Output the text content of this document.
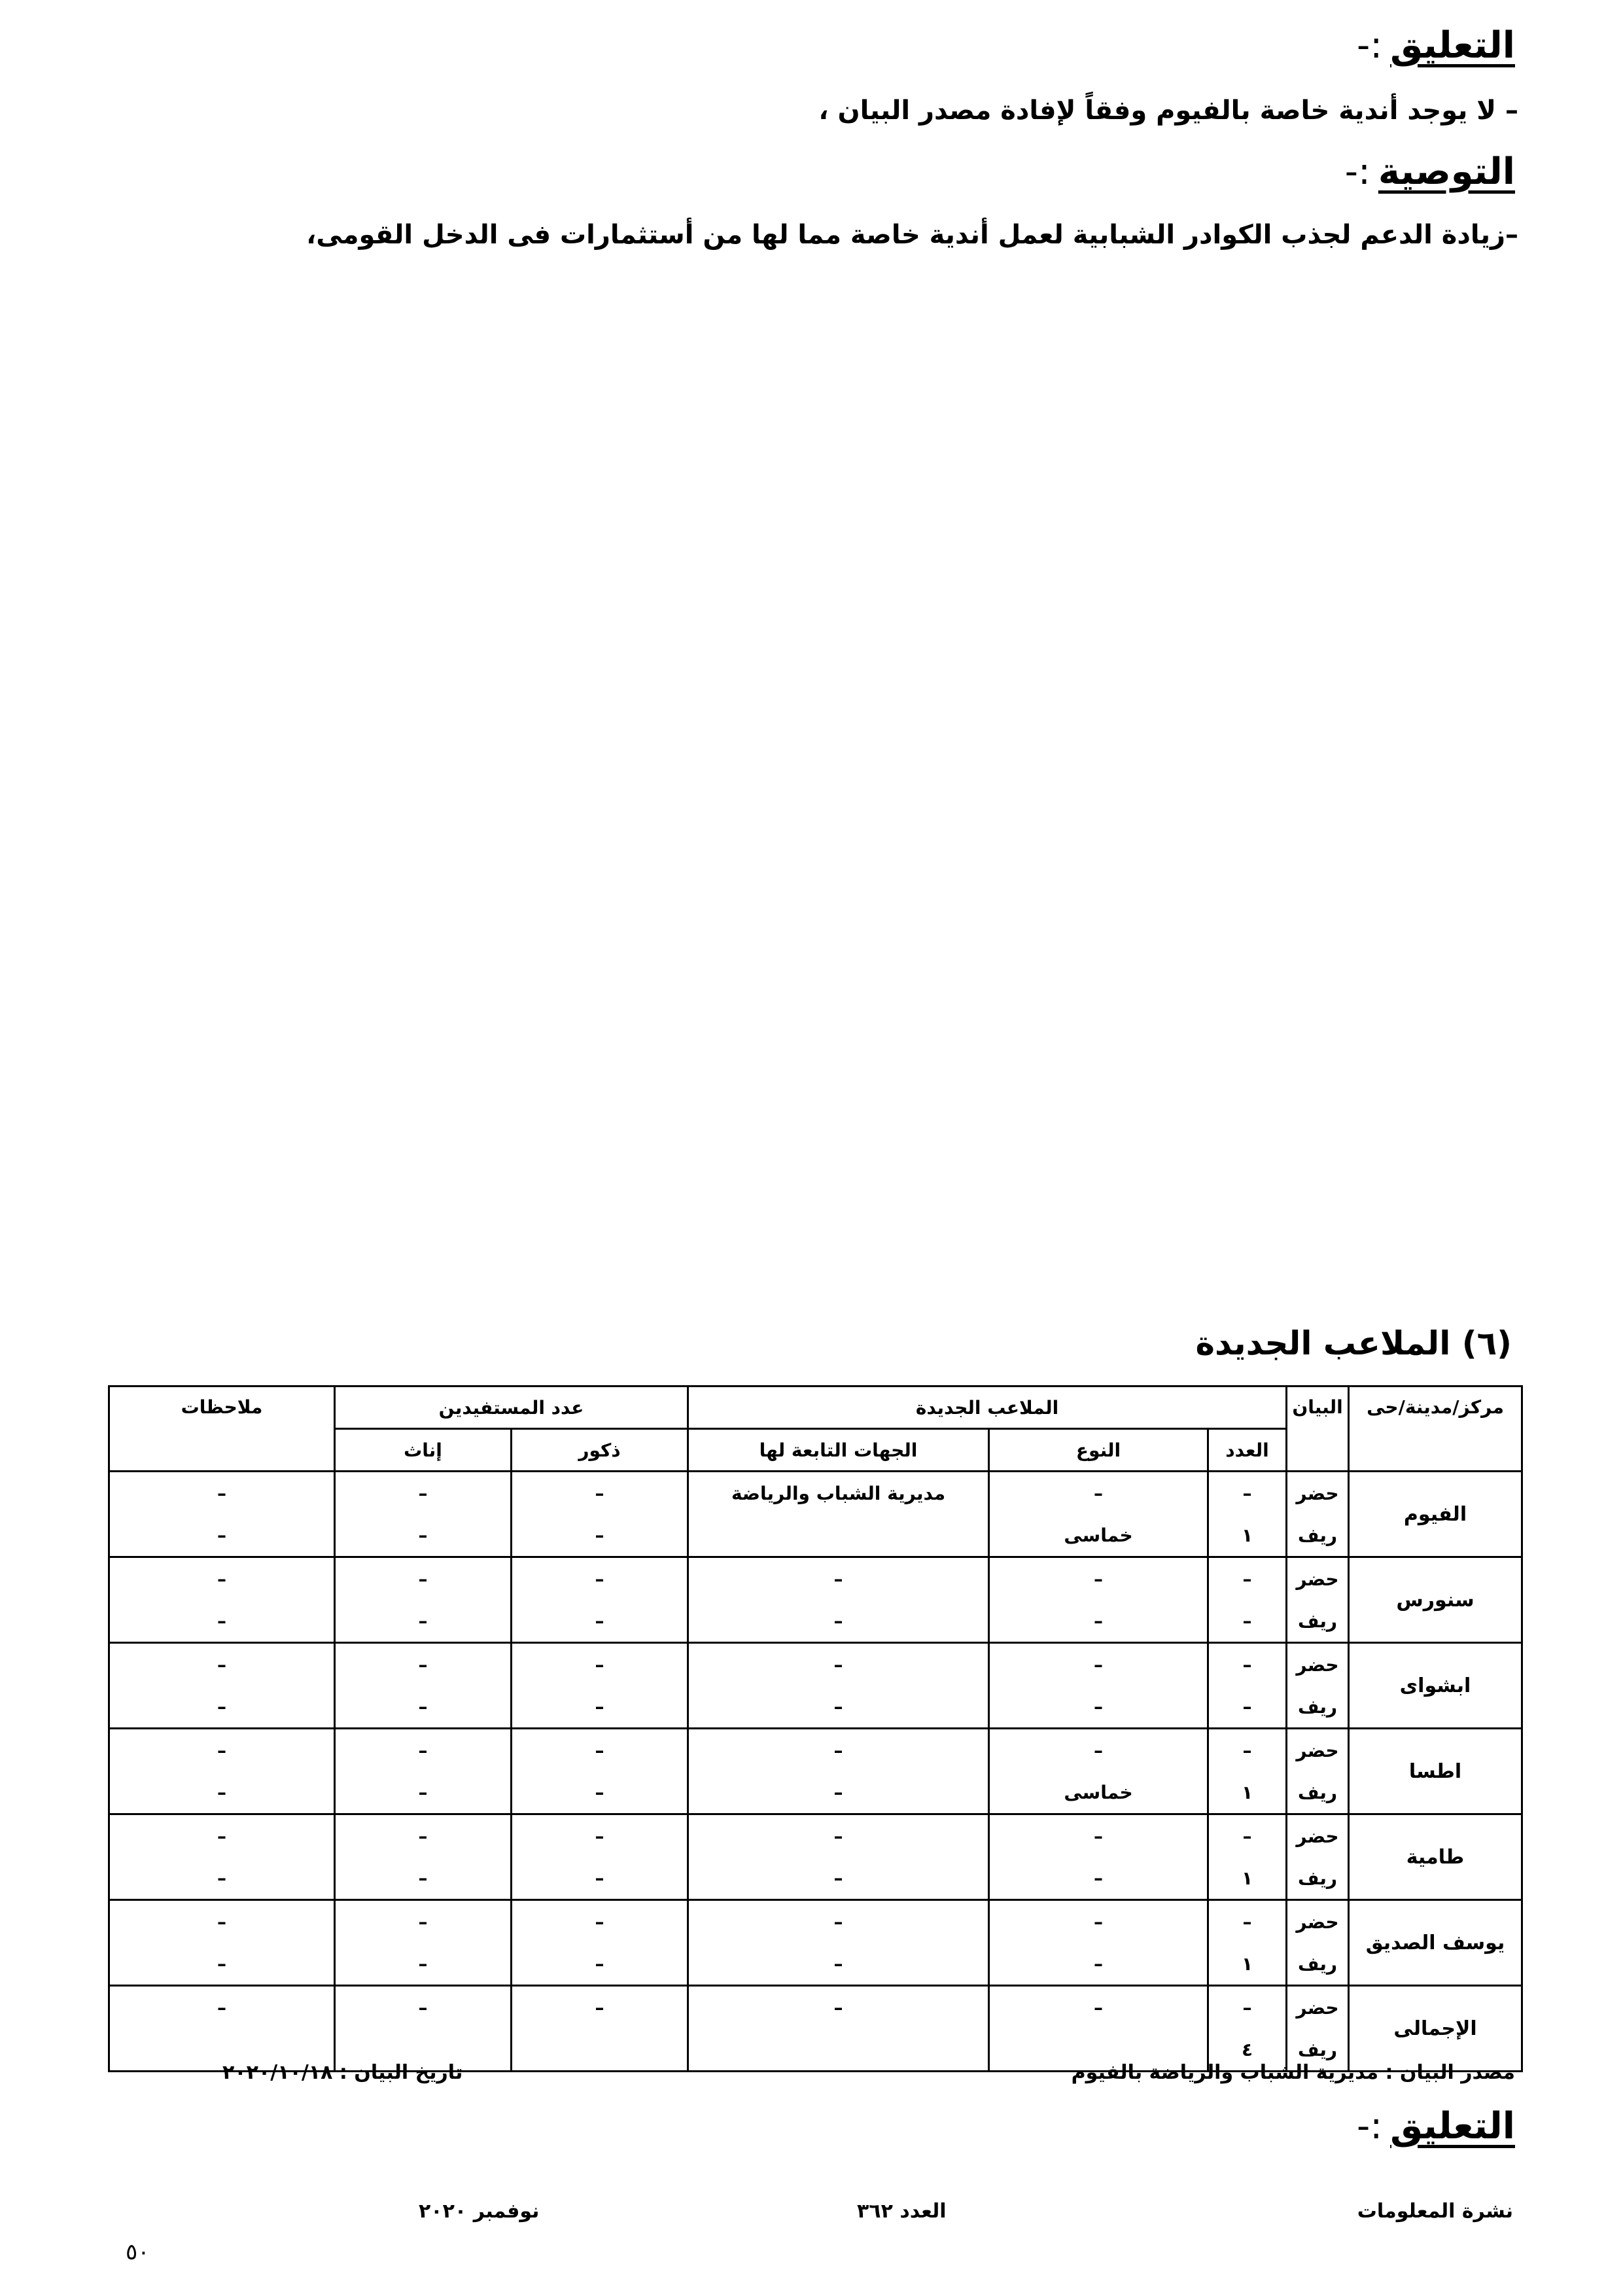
التعليق:-
– لا يوجد أندية خاصة بالفيوم وفقاً لإفادة مصدر البيان ،
التوصية:-
–زيادة الدعم لجذب الكوادر الشبابية لعمل أندية خاصة مما لها من أستثمارات فى الدخل القومى،
(٦) الملاعب الجديدة
مركز/مدينة/حى	البيان	الملاعب الجديدة			عدد المستفيدين		ملاحظات
		العدد	النوع	الجهات التابعة لها	ذكور	إناث	
الفيوم	حضر	–	–	مديرية الشباب والرياضة	–	–	–
	ريف	١	خماسى		–	–	–
سنورس	حضر	–	–	–	–	–	–
	ريف	–	–	–	–	–	–
ابشواى	حضر	–	–	–	–	–	–
	ريف	–	–	–	–	–	–
اطسا	حضر	–	–	–	–	–	–
	ريف	١	خماسى	–	–	–	–
طامية	حضر	–	–	–	–	–	–
	ريف	١	–	–	–	–	–
يوسف الصديق	حضر	–	–	–	–	–	–
	ريف	١	–	–	–	–	–
الإجمالى	حضر	–	–	–	–	–	–
	ريف	٤					
مصدر البيان : مديرية الشباب والرياضة بالفيوم
تاريخ البيان : ٢٠٢٠/١٠/١٨
التعليق:-
نشرة المعلومات
العدد ٣٦٢
نوفمبر ٢٠٢٠
٥٠
